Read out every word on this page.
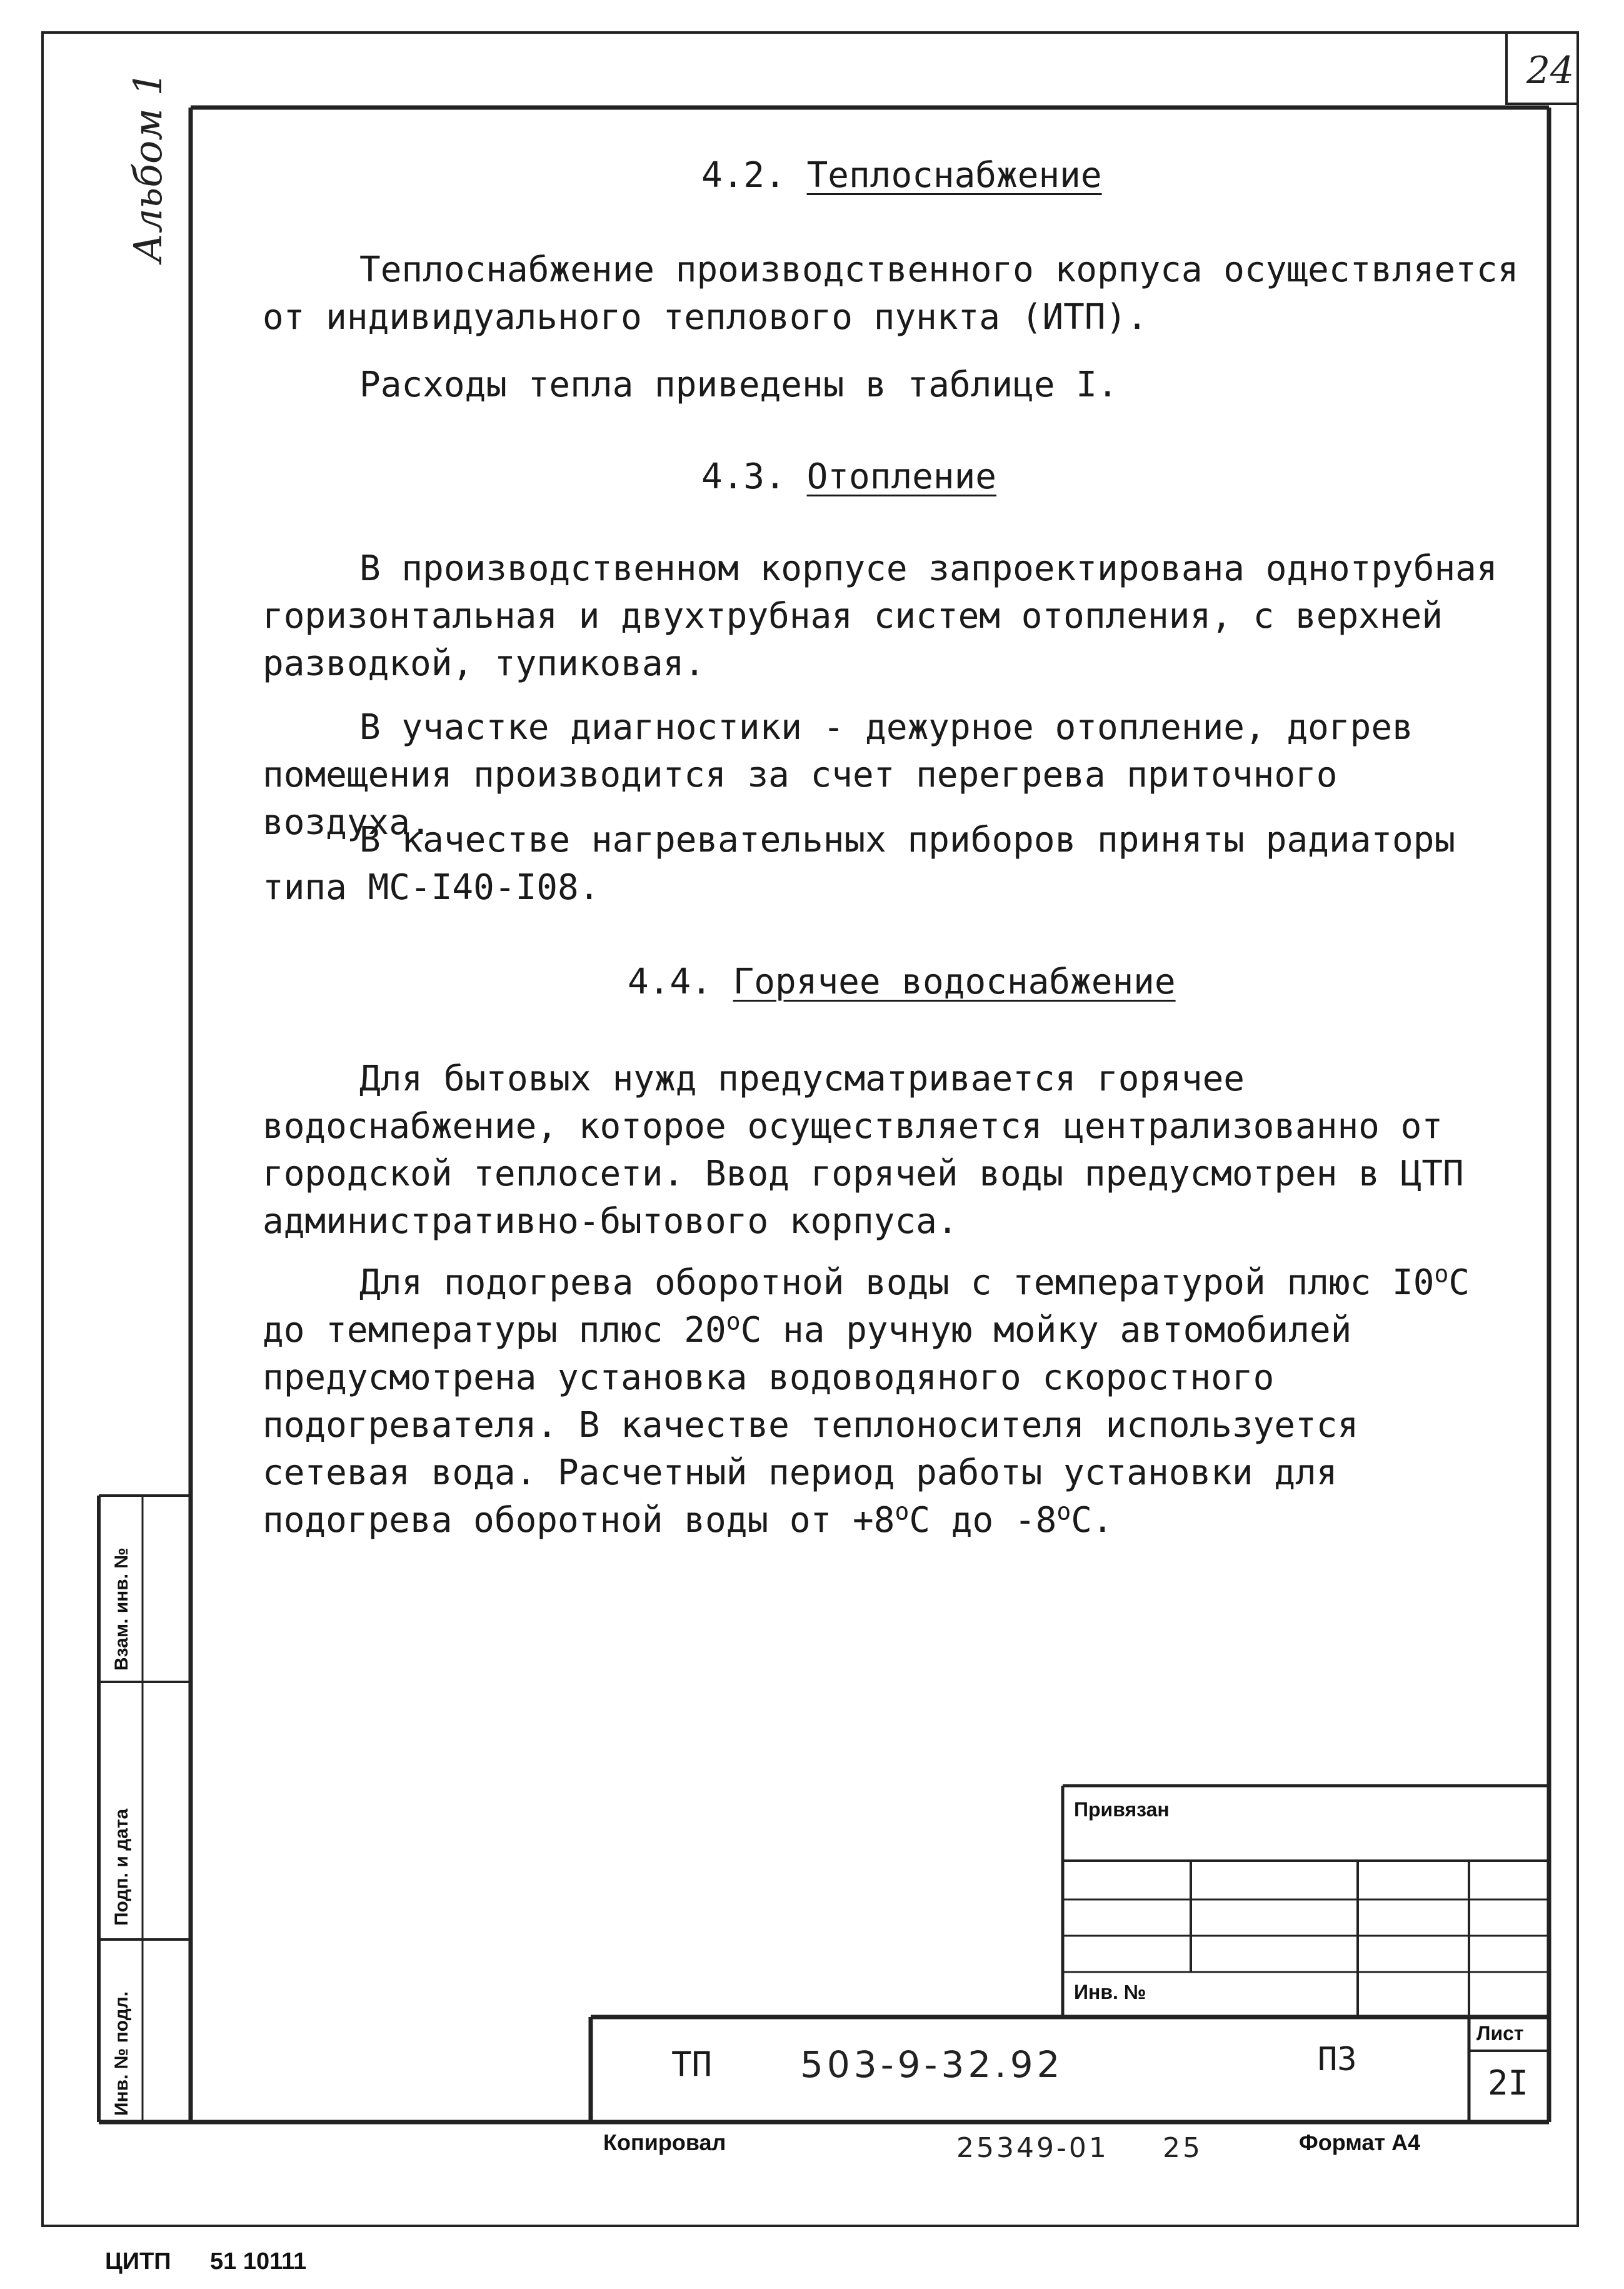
24
Альбом 1	4.2. Теплоснабжение

Теплоснабжение производственного корпуса осуществляется от индивидуального теплового пункта (ИТП).

Расходы тепла приведены в таблице I.

4.3. Отопление

В производственном корпусе запроектирована однотрубная горизонтальная и двухтрубная систем отопления, с верхней разводкой, тупиковая.

В участке диагностики - дежурное отопление, догрев помещения производится за счет перегрева приточного воздуха.

В качестве нагревательных приборов приняты радиаторы типа МС-I40-I08.

4.4. Горячее водоснабжение

Для бытовых нужд предусматривается горячее водоснабжение, которое осуществляется централизованно от городской теплосети. Ввод горячей воды предусмотрен в ЦТП административно-бытового корпуса.

Для подогрева оборотной воды с температурой плюс $I0^оС$ до температуры плюс $20^оС$ на ручную мойку автомобилей предусмотрена установка водоводяного скоростного подогревателя. В качестве теплоносителя используется сетевая вода. Расчетный период работы установки для подогрева оборотной воды от $+8^оС$ до $-8^оС$.

Взам. инв. №
Подп. и дата
Инв. № подл.
Привязан
Инв. №
Лист
ТП 503-9-32.92	ПЗ
2I
Копировал	25349-01 25	Формат А4
ЦИТП 51 10111
